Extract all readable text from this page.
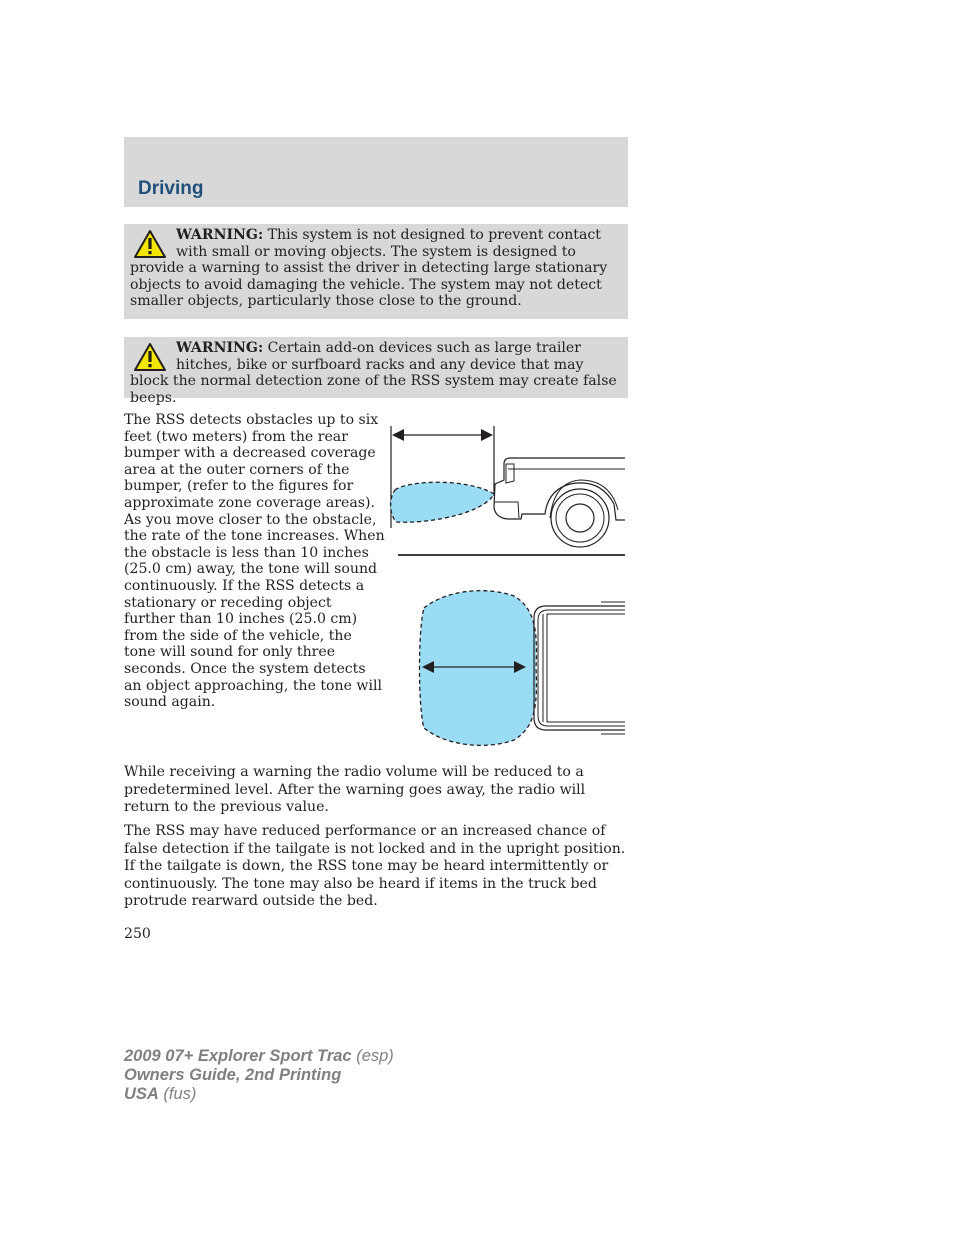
Driving
WARNING: This system is not designed to prevent contact with small or moving objects. The system is designed to provide a warning to assist the driver in detecting large stationary objects to avoid damaging the vehicle. The system may not detect smaller objects, particularly those close to the ground.
WARNING: Certain add-on devices such as large trailer hitches, bike or surfboard racks and any device that may block the normal detection zone of the RSS system may create false beeps.

The RSS detects obstacles up to six feet (two meters) from the rear bumper with a decreased coverage area at the outer corners of the bumper, (refer to the figures for approximate zone coverage areas). As you move closer to the obstacle, the rate of the tone increases. When the obstacle is less than 10 inches (25.0 cm) away, the tone will sound continuously. If the RSS detects a stationary or receding object further than 10 inches (25.0 cm) from the side of the vehicle, the tone will sound for only three seconds. Once the system detects an object approaching, the tone will sound again.

While receiving a warning the radio volume will be reduced to a predetermined level. After the warning goes away, the radio will return to the previous value.

The RSS may have reduced performance or an increased chance of false detection if the tailgate is not locked and in the upright position. If the tailgate is down, the RSS tone may be heard intermittently or continuously. The tone may also be heard if items in the truck bed protrude rearward outside the bed.

250

2009 07+ Explorer Sport Trac (esp)
Owners Guide, 2nd Printing
USA (fus)
